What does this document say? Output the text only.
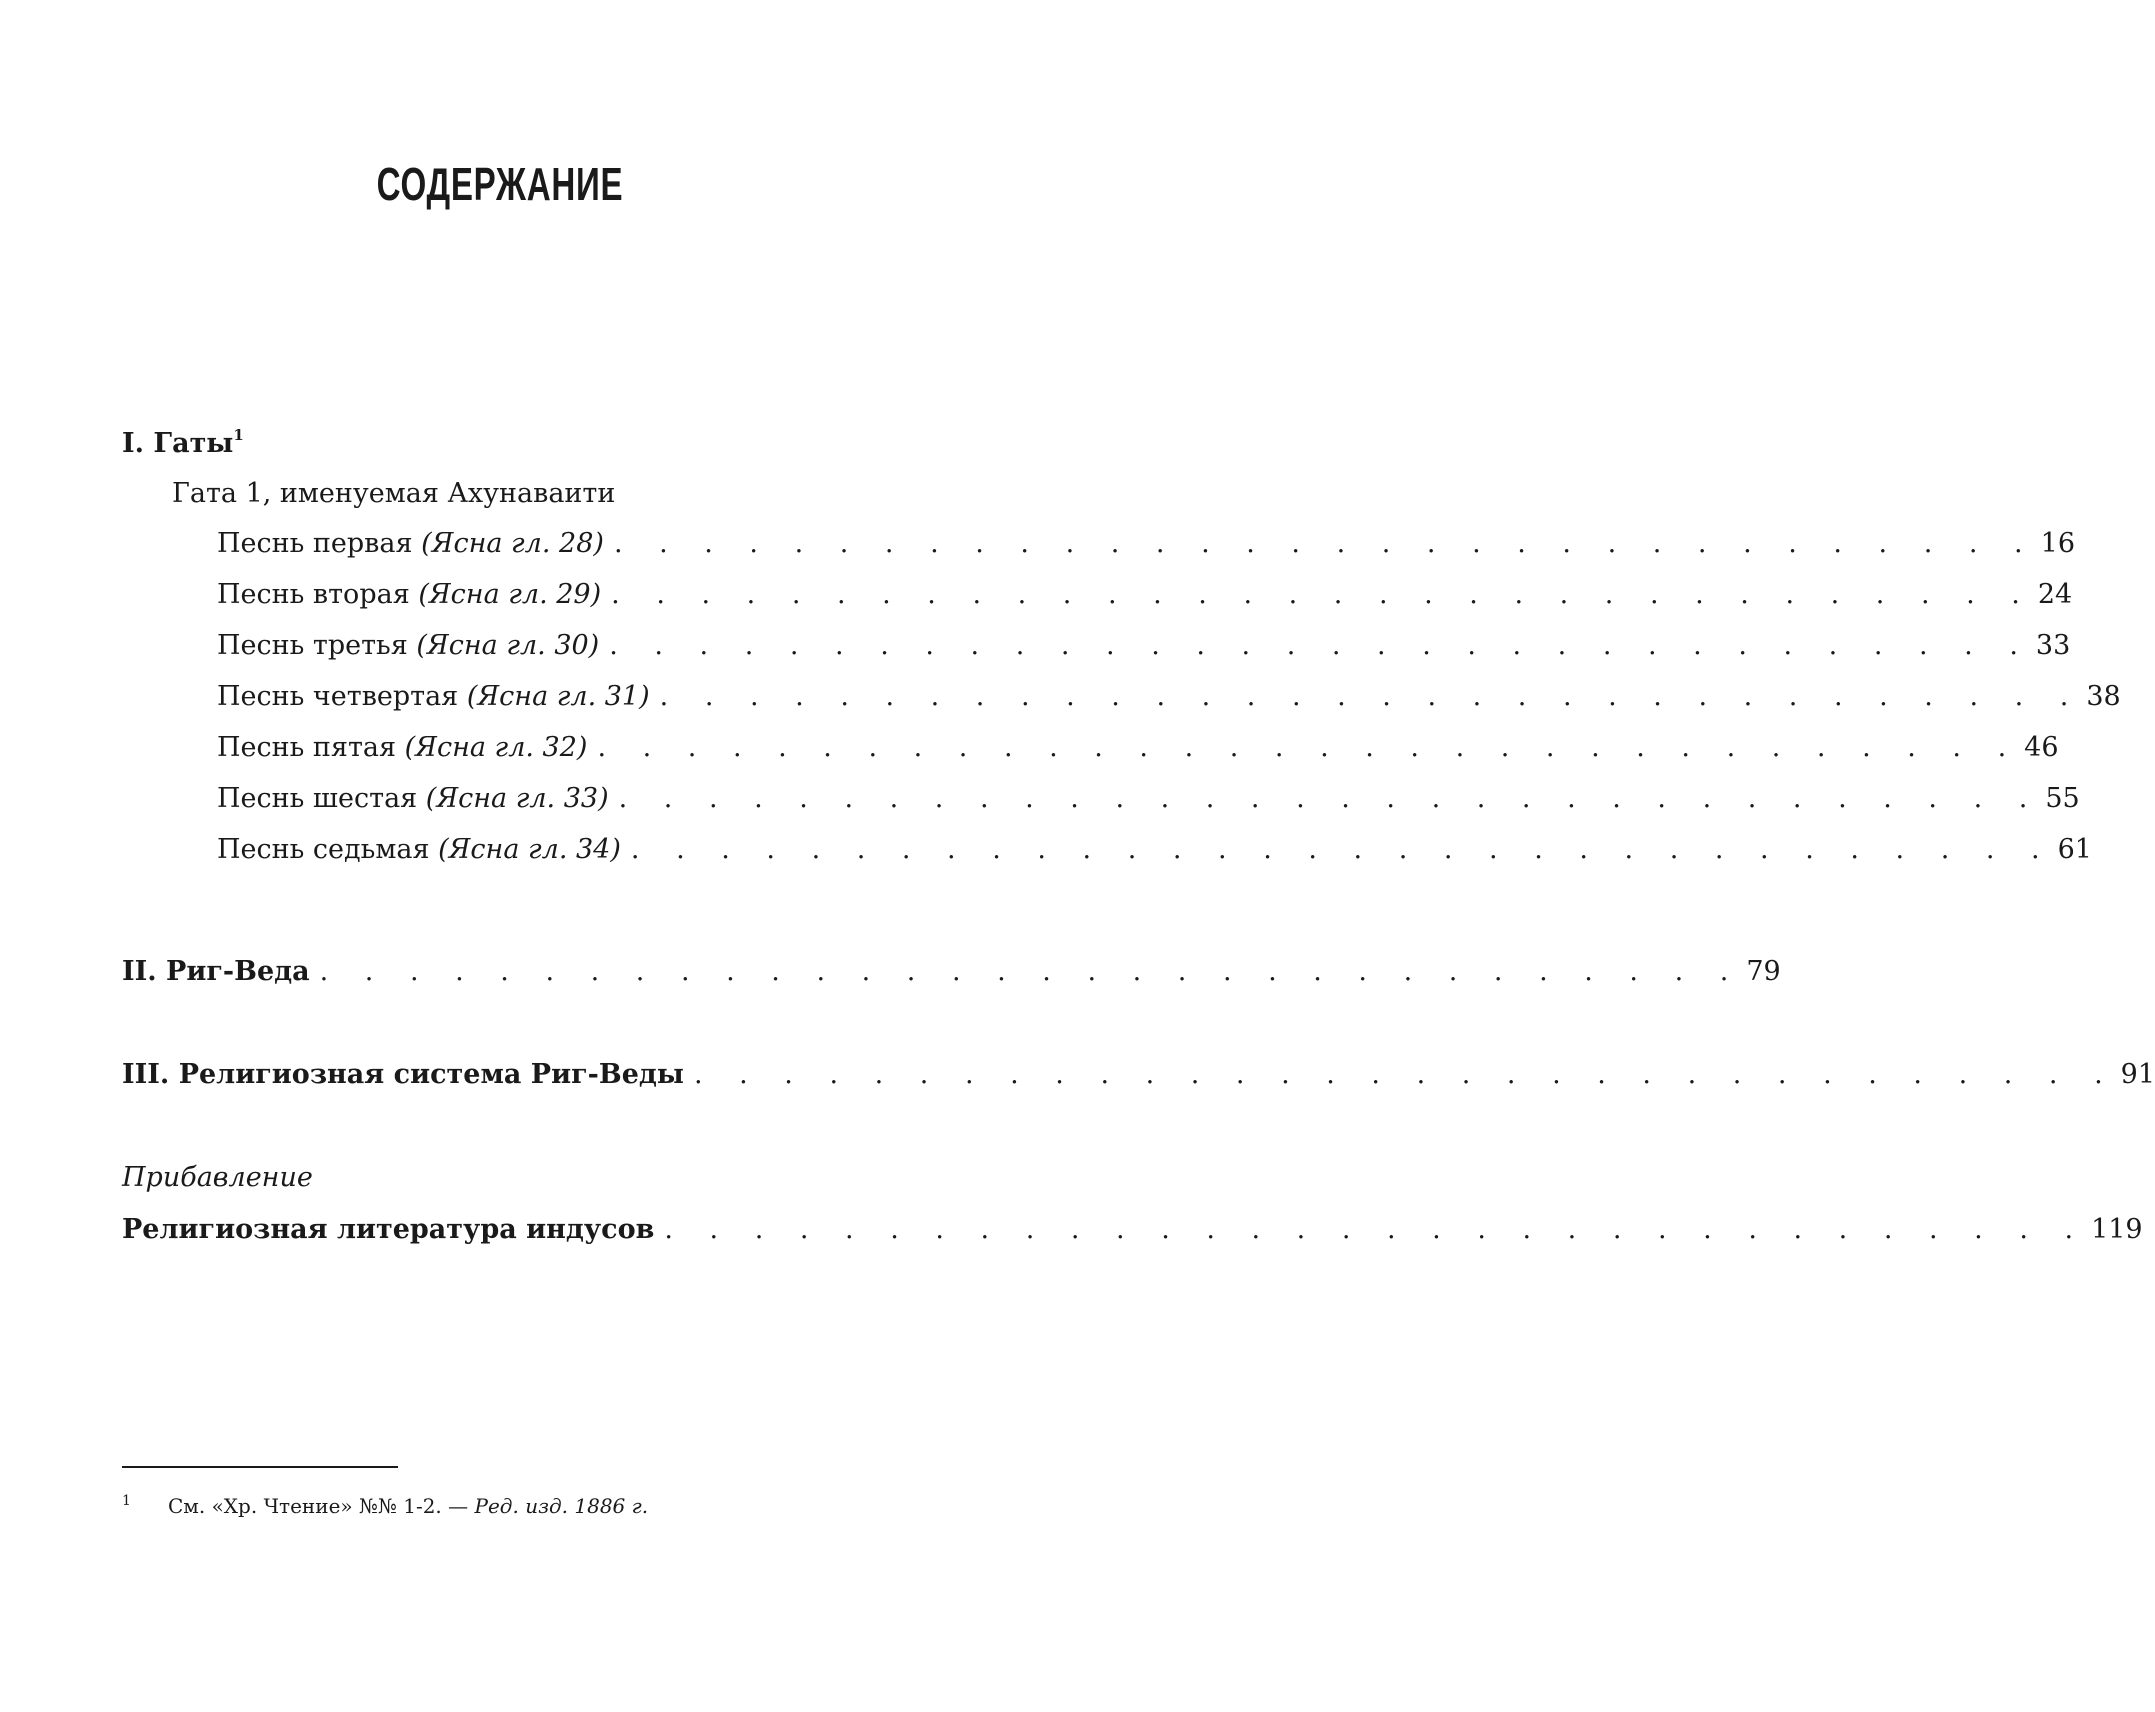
СОДЕРЖАНИЕ
I. Гаты$^1$
Гата 1, именуемая Ахунаваити
Песнь первая (Ясна гл. 28) . . . . . . . . . . . . . . . . . . . . . . . . . . . . . . . . 16
Песнь вторая (Ясна гл. 29) . . . . . . . . . . . . . . . . . . . . . . . . . . . . . . . . 24
Песнь третья (Ясна гл. 30) . . . . . . . . . . . . . . . . . . . . . . . . . . . . . . . . 33
Песнь четвертая (Ясна гл. 31) . . . . . . . . . . . . . . . . . . . . . . . . . . . . . . . . 38
Песнь пятая (Ясна гл. 32) . . . . . . . . . . . . . . . . . . . . . . . . . . . . . . . . 46
Песнь шестая (Ясна гл. 33) . . . . . . . . . . . . . . . . . . . . . . . . . . . . . . . . 55
Песнь седьмая (Ясна гл. 34) . . . . . . . . . . . . . . . . . . . . . . . . . . . . . . . . 61
II. Риг-Веда . . . . . . . . . . . . . . . . . . . . . . . . . . . . . . . . 79
III. Религиозная система Риг-Веды . . . . . . . . . . . . . . . . . . . . . . . . . . . . . . . . 91
Прибавление
Религиозная литература индусов . . . . . . . . . . . . . . . . . . . . . . . . . . . . . . . . 119
1 См. «Хр. Чтение» №№ 1-2. — Ред. изд. 1886 г.
